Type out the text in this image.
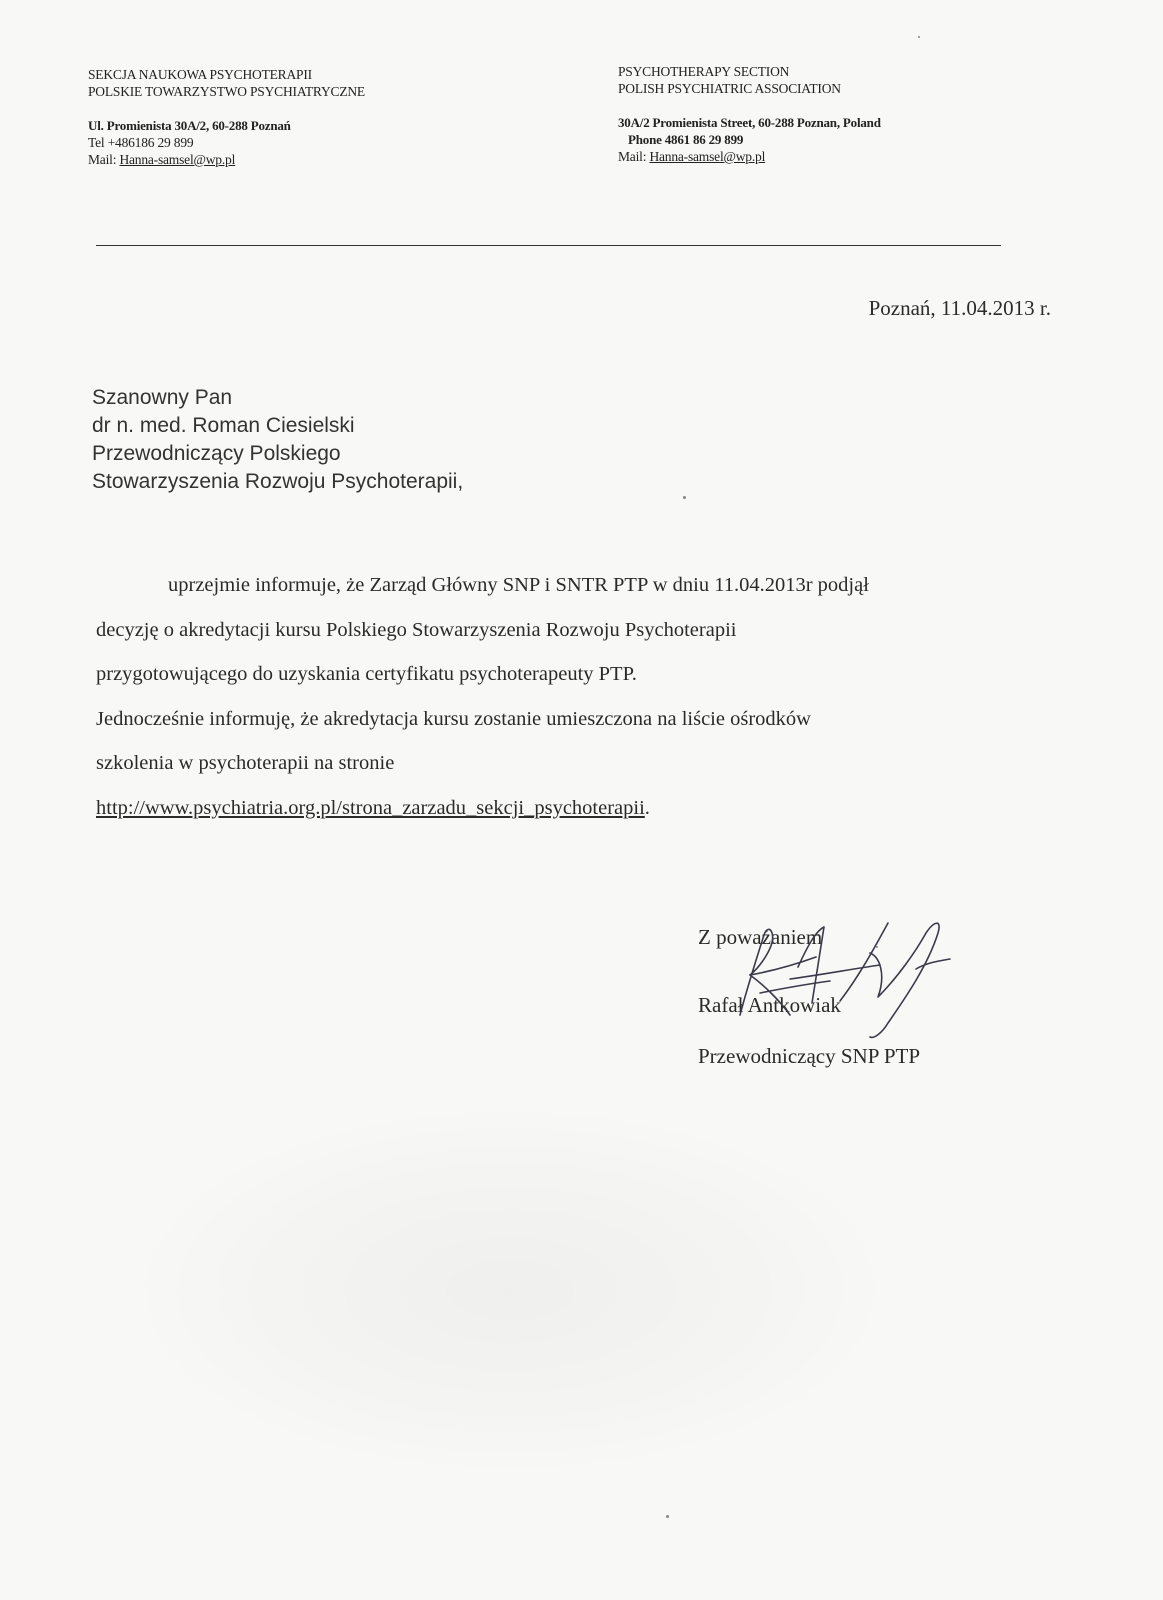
SEKCJA NAUKOWA PSYCHOTERAPII
POLSKIE TOWARZYSTWO PSYCHIATRYCZNE
Ul. Promienista 30A/2, 60-288 Poznań
Tel +486186 29 899
Mail: Hanna-samsel@wp.pl
PSYCHOTHERAPY SECTION
POLISH PSYCHIATRIC ASSOCIATION
30A/2 Promienista Street, 60-288 Poznan, Poland
Phone 4861 86 29 899
Mail: Hanna-samsel@wp.pl
Poznań, 11.04.2013 r.
Szanowny Pan
dr n. med. Roman Ciesielski
Przewodniczący Polskiego
Stowarzyszenia Rozwoju Psychoterapii,
uprzejmie informuje, że Zarząd Główny SNP i SNTR PTP w dniu 11.04.2013r podjął
decyzję o akredytacji kursu Polskiego Stowarzyszenia Rozwoju Psychoterapii
przygotowującego do uzyskania certyfikatu psychoterapeuty PTP.
Jednocześnie informuję, że akredytacja kursu zostanie umieszczona na liście ośrodków
szkolenia w psychoterapii na stronie
http://www.psychiatria.org.pl/strona_zarzadu_sekcji_psychoterapii.
Z poważaniem
Rafał Antkowiak
Przewodniczący SNP PTP
